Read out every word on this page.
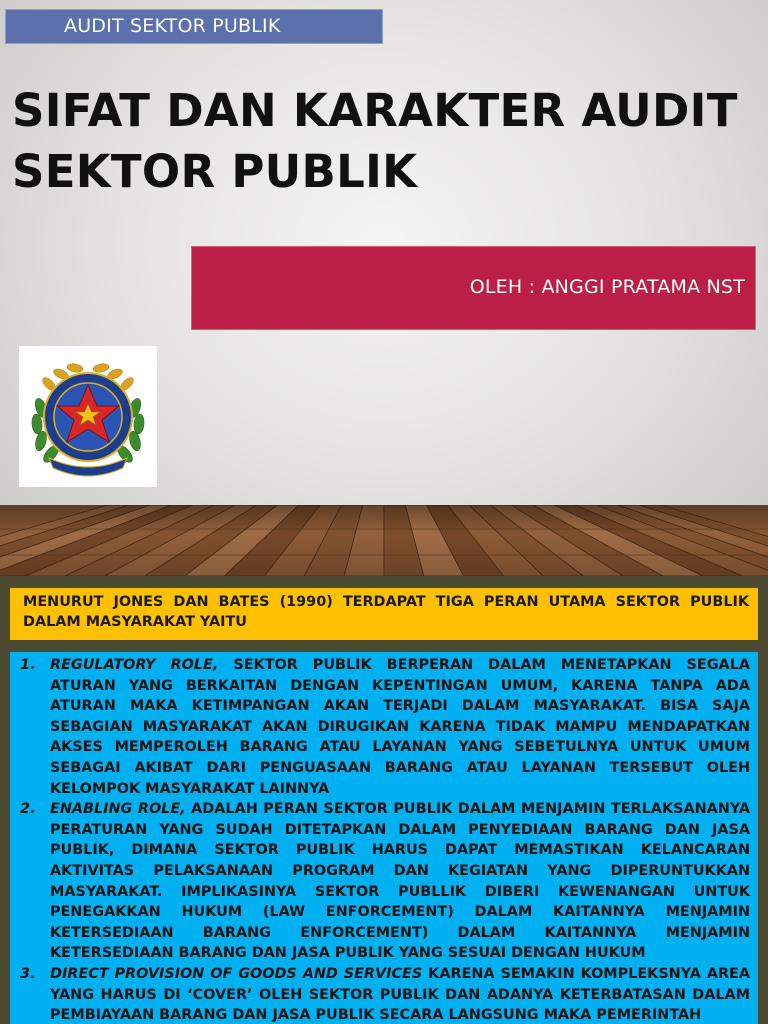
AUDIT SEKTOR PUBLIK
SIFAT DAN KARAKTER AUDIT
SEKTOR PUBLIK
OLEH : ANGGI PRATAMA NST
MENURUT JONES DAN BATES (1990) TERDAPAT TIGA PERAN UTAMA SEKTOR PUBLIK DALAM MASYARAKAT YAITU
1. REGULATORY ROLE, SEKTOR PUBLIK BERPERAN DALAM MENETAPKAN SEGALA ATURAN YANG BERKAITAN DENGAN KEPENTINGAN UMUM, KARENA TANPA ADA ATURAN MAKA KETIMPANGAN AKAN TERJADI DALAM MASYARAKAT. BISA SAJA SEBAGIAN MASYARAKAT AKAN DIRUGIKAN KARENA TIDAK MAMPU MENDAPATKAN AKSES MEMPEROLEH BARANG ATAU LAYANAN YANG SEBETULNYA UNTUK UMUM SEBAGAI AKIBAT DARI PENGUASAAN BARANG ATAU LAYANAN TERSEBUT OLEH KELOMPOK MASYARAKAT LAINNYA
2. ENABLING ROLE, ADALAH PERAN SEKTOR PUBLIK DALAM MENJAMIN TERLAKSANANYA PERATURAN YANG SUDAH DITETAPKAN DALAM PENYEDIAAN BARANG DAN JASA PUBLIK, DIMANA SEKTOR PUBLIK HARUS DAPAT MEMASTIKAN KELANCARAN AKTIVITAS PELAKSANAAN PROGRAM DAN KEGIATAN YANG DIPERUNTUKKAN MASYARAKAT. IMPLIKASINYA SEKTOR PUBLLIK DIBERI KEWENANGAN UNTUK PENEGAKKAN HUKUM (LAW ENFORCEMENT) DALAM KAITANNYA MENJAMIN KETERSEDIAAN BARANG ENFORCEMENT) DALAM KAITANNYA MENJAMIN KETERSEDIAAN BARANG DAN JASA PUBLIK YANG SESUAI DENGAN HUKUM
3. DIRECT PROVISION OF GOODS AND SERVICES KARENA SEMAKIN KOMPLEKSNYA AREA YANG HARUS DI ‘COVER’ OLEH SEKTOR PUBLIK DAN ADANYA KETERBATASAN DALAM PEMBIAYAAN BARANG DAN JASA PUBLIK SECARA LANGSUNG MAKA PEMERINTAH
